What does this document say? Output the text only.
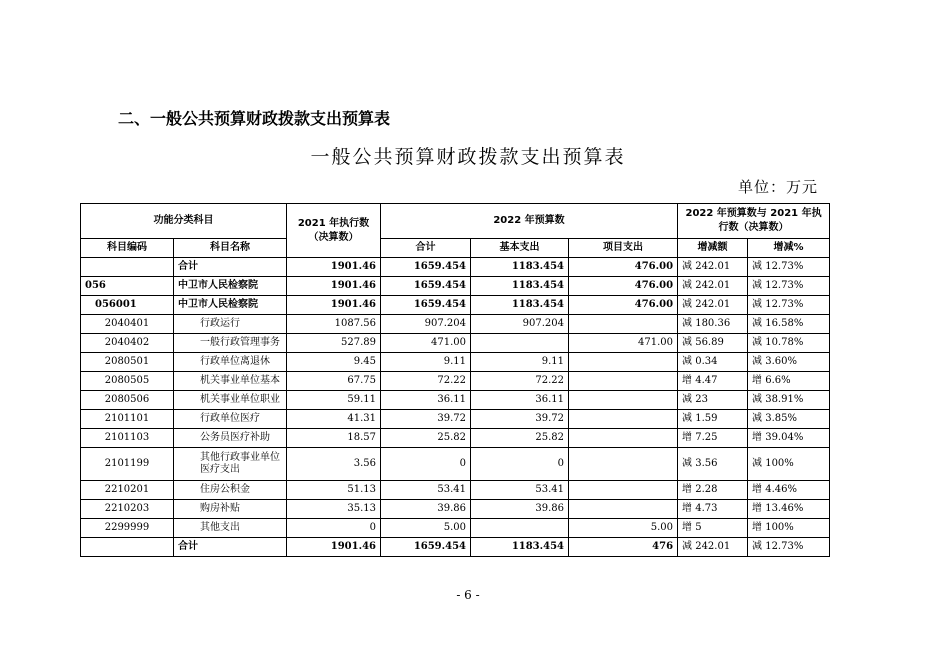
二、一般公共预算财政拨款支出预算表
一般公共预算财政拨款支出预算表
单位：万元
功能分类科目		2021 年执行数（决算数）	2022 年预算数			2022 年预算数与 2021 年执行数（决算数）	
科目编码	科目名称		合计	基本支出	项目支出	增减额	增减%
	合计	1901.46	1659.454	1183.454	476.00	减 242.01	减 12.73%
056	中卫市人民检察院	1901.46	1659.454	1183.454	476.00	减 242.01	减 12.73%
056001	中卫市人民检察院	1901.46	1659.454	1183.454	476.00	减 242.01	减 12.73%
2040401	行政运行	1087.56	907.204	907.204		减 180.36	减 16.58%
2040402	一般行政管理事务	527.89	471.00		471.00	减 56.89	减 10.78%
2080501	行政单位离退休	9.45	9.11	9.11		减 0.34	减 3.60%
2080505	机关事业单位基本	67.75	72.22	72.22		增 4.47	增 6.6%
2080506	机关事业单位职业	59.11	36.11	36.11		减 23	减 38.91%
2101101	行政单位医疗	41.31	39.72	39.72		减 1.59	减 3.85%
2101103	公务员医疗补助	18.57	25.82	25.82		增 7.25	增 39.04%
2101199	其他行政事业单位医疗支出	3.56	0	0		减 3.56	减 100%
2210201	住房公积金	51.13	53.41	53.41		增 2.28	增 4.46%
2210203	购房补贴	35.13	39.86	39.86		增 4.73	增 13.46%
2299999	其他支出	0	5.00		5.00	增 5	增 100%
	合计	1901.46	1659.454	1183.454	476	减 242.01	减 12.73%
- 6 -
